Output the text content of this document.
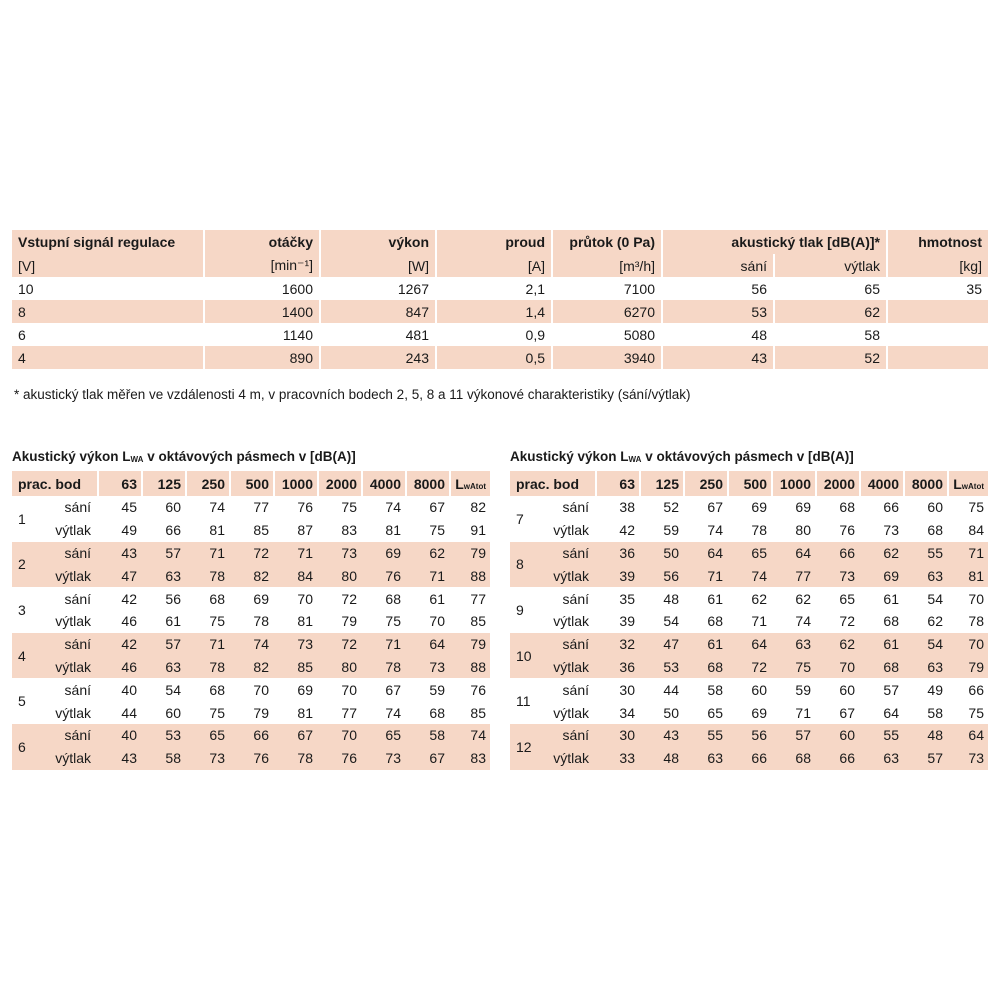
Vstupní signál regulace	otáčky	výkon	proud	průtok (0 Pa)	akustický tlak [dB(A)]*		hmotnost
[V]	[min⁻¹]	[W]	[A]	[m³/h]	sání	výtlak	[kg]
10	1600	1267	2,1	7100	56	65	35
8	1400	847	1,4	6270	53	62	
6	1140	481	0,9	5080	48	58	
4	890	243	0,5	3940	43	52	
* akustický tlak měřen ve vzdálenosti 4 m, v pracovních bodech 2, 5, 8 a 11 výkonové charakteristiky (sání/výtlak)
Akustický výkon LWA v oktávových pásmech v [dB(A)]	Akustický výkon LWA v oktávových pásmech v [dB(A)]
prac. bod		63	125	250	500	1000	2000	4000	8000	LwAtot
1	sání	45	60	74	77	76	75	74	67	82
	výtlak	49	66	81	85	87	83	81	75	91
2	sání	43	57	71	72	71	73	69	62	79
	výtlak	47	63	78	82	84	80	76	71	88
3	sání	42	56	68	69	70	72	68	61	77
	výtlak	46	61	75	78	81	79	75	70	85
4	sání	42	57	71	74	73	72	71	64	79
	výtlak	46	63	78	82	85	80	78	73	88
5	sání	40	54	68	70	69	70	67	59	76
	výtlak	44	60	75	79	81	77	74	68	85
6	sání	40	53	65	66	67	70	65	58	74
	výtlak	43	58	73	76	78	76	73	67	83
prac. bod		63	125	250	500	1000	2000	4000	8000	LwAtot
7	sání	38	52	67	69	69	68	66	60	75
	výtlak	42	59	74	78	80	76	73	68	84
8	sání	36	50	64	65	64	66	62	55	71
	výtlak	39	56	71	74	77	73	69	63	81
9	sání	35	48	61	62	62	65	61	54	70
	výtlak	39	54	68	71	74	72	68	62	78
10	sání	32	47	61	64	63	62	61	54	70
	výtlak	36	53	68	72	75	70	68	63	79
11	sání	30	44	58	60	59	60	57	49	66
	výtlak	34	50	65	69	71	67	64	58	75
12	sání	30	43	55	56	57	60	55	48	64
	výtlak	33	48	63	66	68	66	63	57	73
